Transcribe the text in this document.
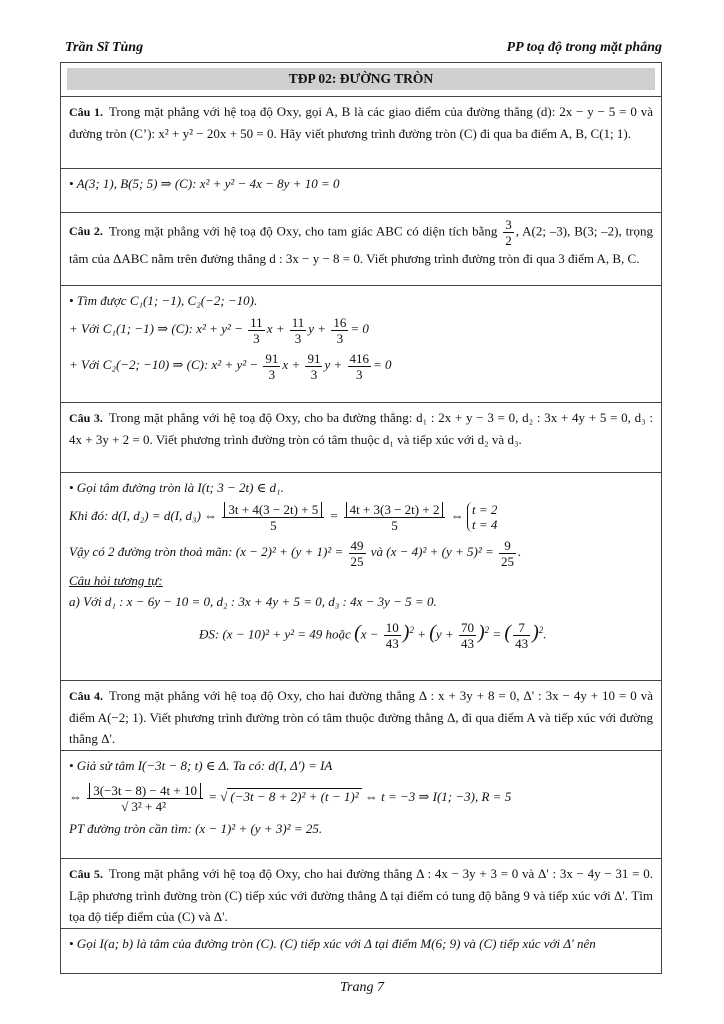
Trần Sĩ Tùng	PP toạ độ trong mặt phẳng
TĐP 02: ĐƯỜNG TRÒN
Câu 1. Trong mặt phẳng với hệ toạ độ Oxy, gọi A, B là các giao điểm của đường thẳng (d): 2x − y − 5 = 0 và đường tròn (C’): x² + y² − 20x + 50 = 0. Hãy viết phương trình đường tròn (C) đi qua ba điểm A, B, C(1; 1).

• A(3; 1), B(5; 5) ⇒ (C): x² + y² − 4x − 8y + 10 = 0

Câu 2. Trong mặt phẳng với hệ toạ độ Oxy, cho tam giác ABC có diện tích bằng $\frac{3}{2}$ , A(2; –3), B(3; –2), trọng tâm của ΔABC nằm trên đường thẳng d : 3x − y − 8 = 0. Viết phương trình đường tròn đi qua 3 điểm A, B, C.

• Tìm được C₁(1; −1), C₂(−2; −10).

+ Với C₁(1; −1) ⇒ (C): $x^2 + y^2 - \frac{11}{3}$ $x + \frac{11}{3}$ $y + \frac{16}{3} = 0$
+ Với C₂(−2; −10) ⇒ (C): $x^2 + y^2 - \frac{91}{3}$ $x + \frac{91}{3}$ $y + \frac{416}{3} = 0$
Câu 3. Trong mặt phẳng với hệ toạ độ Oxy, cho ba đường thẳng: d₁ : 2x + y − 3 = 0, d₂ : 3x + 4y + 5 = 0, d₃ : 4x + 3y + 2 = 0. Viết phương trình đường tròn có tâm thuộc d₁ và tiếp xúc với d₂ và d₃.

• Gọi tâm đường tròn là I(t; 3 − 2t) ∈ d₁.

Khi đó: d(I, d₂) = d(I, d₃) ⇔ $\frac{3t + 4(3 - 2t) + 5}{5} = \frac{4t + 3(3 - 2t) + 2}{5}$ ⇔ t = 2
t = 4
Vậy có 2 đường tròn thoả mãn: $(x - 2)^2 + (y + 1)^2 = \frac{49}{25}$ và $(x - 4)^2 + (y + 5)^2 = \frac{9}{25}$ .

Câu hỏi tương tự:

a) Với d₁ : x − 6y − 10 = 0, d₂ : 3x + 4y + 5 = 0, d₃ : 4x − 3y − 5 = 0.

ĐS: (x − 10)² + y² = 49 hoặc $(x - \frac{10}{43} )^2 + (y + \frac{70}{43} )^2$ = ( $\frac{7}{43} )^2$.
Câu 4. Trong mặt phẳng với hệ toạ độ Oxy, cho hai đường thẳng Δ : x + 3y + 8 = 0, Δ' : 3x − 4y + 10 = 0 và điểm A(−2; 1). Viết phương trình đường tròn có tâm thuộc đường thẳng Δ, đi qua điểm A và tiếp xúc với đường thẳng Δ'.

• Giả sử tâm I(−3t − 8; t) ∈ Δ. Ta có: d(I, Δ') = IA

⇔ $\frac{3(-3t - 8) - 4t + 10}{\text{√ 3² + 4²}}$ = √ (−3t − 8 + 2)² + (t − 1)² ⇔ t = −3 ⇒ I(1; −3), R = 5

PT đường tròn cần tìm: (x − 1)² + (y + 3)² = 25.

Câu 5. Trong mặt phẳng với hệ toạ độ Oxy, cho hai đường thẳng Δ : 4x − 3y + 3 = 0 và Δ' : 3x − 4y − 31 = 0. Lập phương trình đường tròn (C) tiếp xúc với đường thẳng Δ tại điểm có tung độ bằng 9 và tiếp xúc với Δ'. Tìm tọa độ tiếp điểm của (C) và Δ'.

• Gọi I(a; b) là tâm của đường tròn (C). (C) tiếp xúc với Δ tại điểm M(6; 9) và (C) tiếp xúc với Δ' nên

Trang 7
